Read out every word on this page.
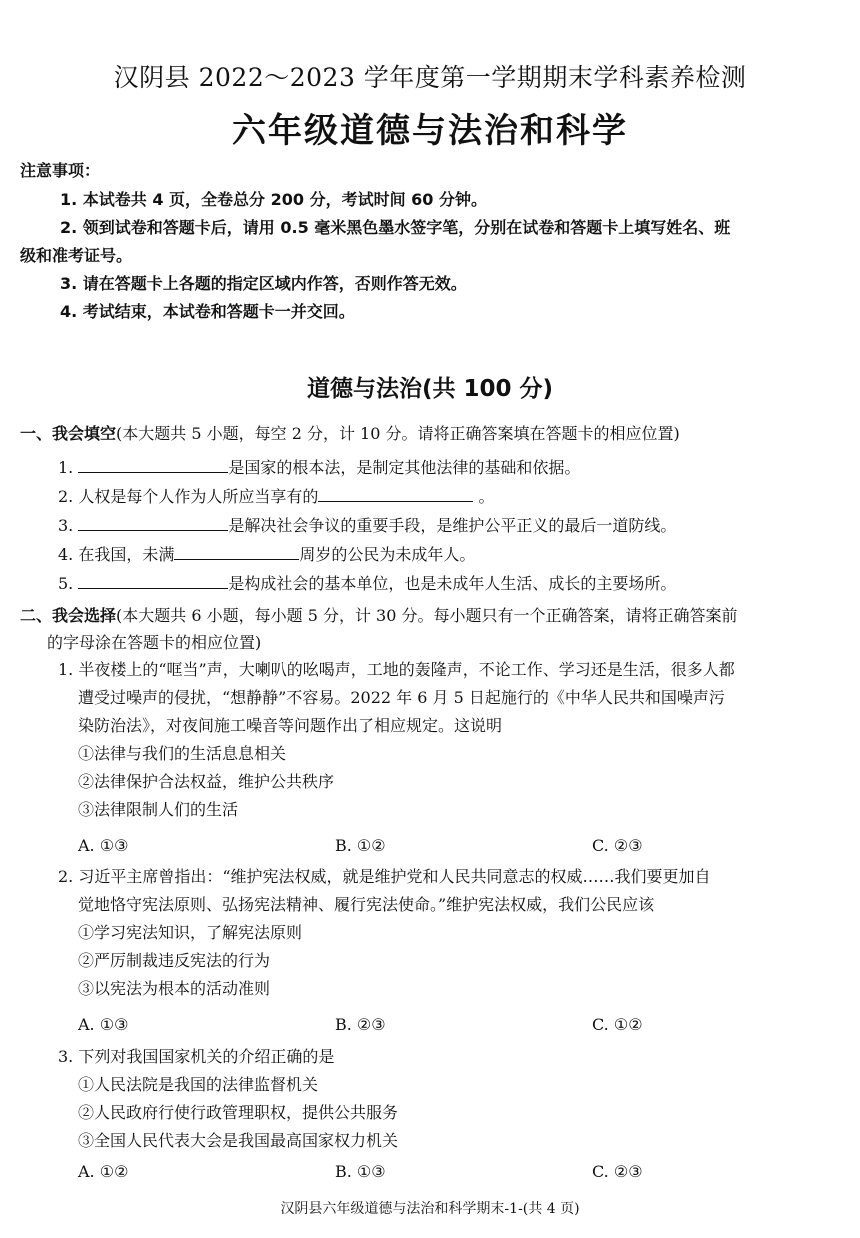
汉阴县 2022～2023 学年度第一学期期末学科素养检测
六年级道德与法治和科学
注意事项：
1. 本试卷共 4 页，全卷总分 200 分，考试时间 60 分钟。
2. 领到试卷和答题卡后，请用 0.5 毫米黑色墨水签字笔，分别在试卷和答题卡上填写姓名、班
级和准考证号。
3. 请在答题卡上各题的指定区域内作答，否则作答无效。
4. 考试结束，本试卷和答题卡一并交回。
道德与法治(共 100 分)
一、我会填空(本大题共 5 小题，每空 2 分，计 10 分。请将正确答案填在答题卡的相应位置)
1.	是国家的根本法，是制定其他法律的基础和依据。
2. 人权是每个人作为人所应当享有的	。
3.	是解决社会争议的重要手段，是维护公平正义的最后一道防线。
4. 在我国，未满	周岁的公民为未成年人。
5.	是构成社会的基本单位，也是未成年人生活、成长的主要场所。
二、我会选择(本大题共 6 小题，每小题 5 分，计 30 分。每小题只有一个正确答案，请将正确答案前
的字母涂在答题卡的相应位置)
1. 半夜楼上的“哐当”声，大喇叭的吆喝声，工地的轰隆声，不论工作、学习还是生活，很多人都
遭受过噪声的侵扰，“想静静”不容易。2022 年 6 月 5 日起施行的《中华人民共和国噪声污
染防治法》，对夜间施工噪音等问题作出了相应规定。这说明
①法律与我们的生活息息相关
②法律保护合法权益，维护公共秩序
③法律限制人们的生活
A. ①③	B. ①②	C. ②③
2. 习近平主席曾指出：“维护宪法权威，就是维护党和人民共同意志的权威……我们要更加自
觉地恪守宪法原则、弘扬宪法精神、履行宪法使命。”维护宪法权威，我们公民应该
①学习宪法知识，了解宪法原则
②严厉制裁违反宪法的行为
③以宪法为根本的活动准则
A. ①③	B. ②③	C. ①②
3. 下列对我国国家机关的介绍正确的是
①人民法院是我国的法律监督机关
②人民政府行使行政管理职权，提供公共服务
③全国人民代表大会是我国最高国家权力机关
A. ①②	B. ①③	C. ②③
汉阴县六年级道德与法治和科学期末-1-(共 4 页)
